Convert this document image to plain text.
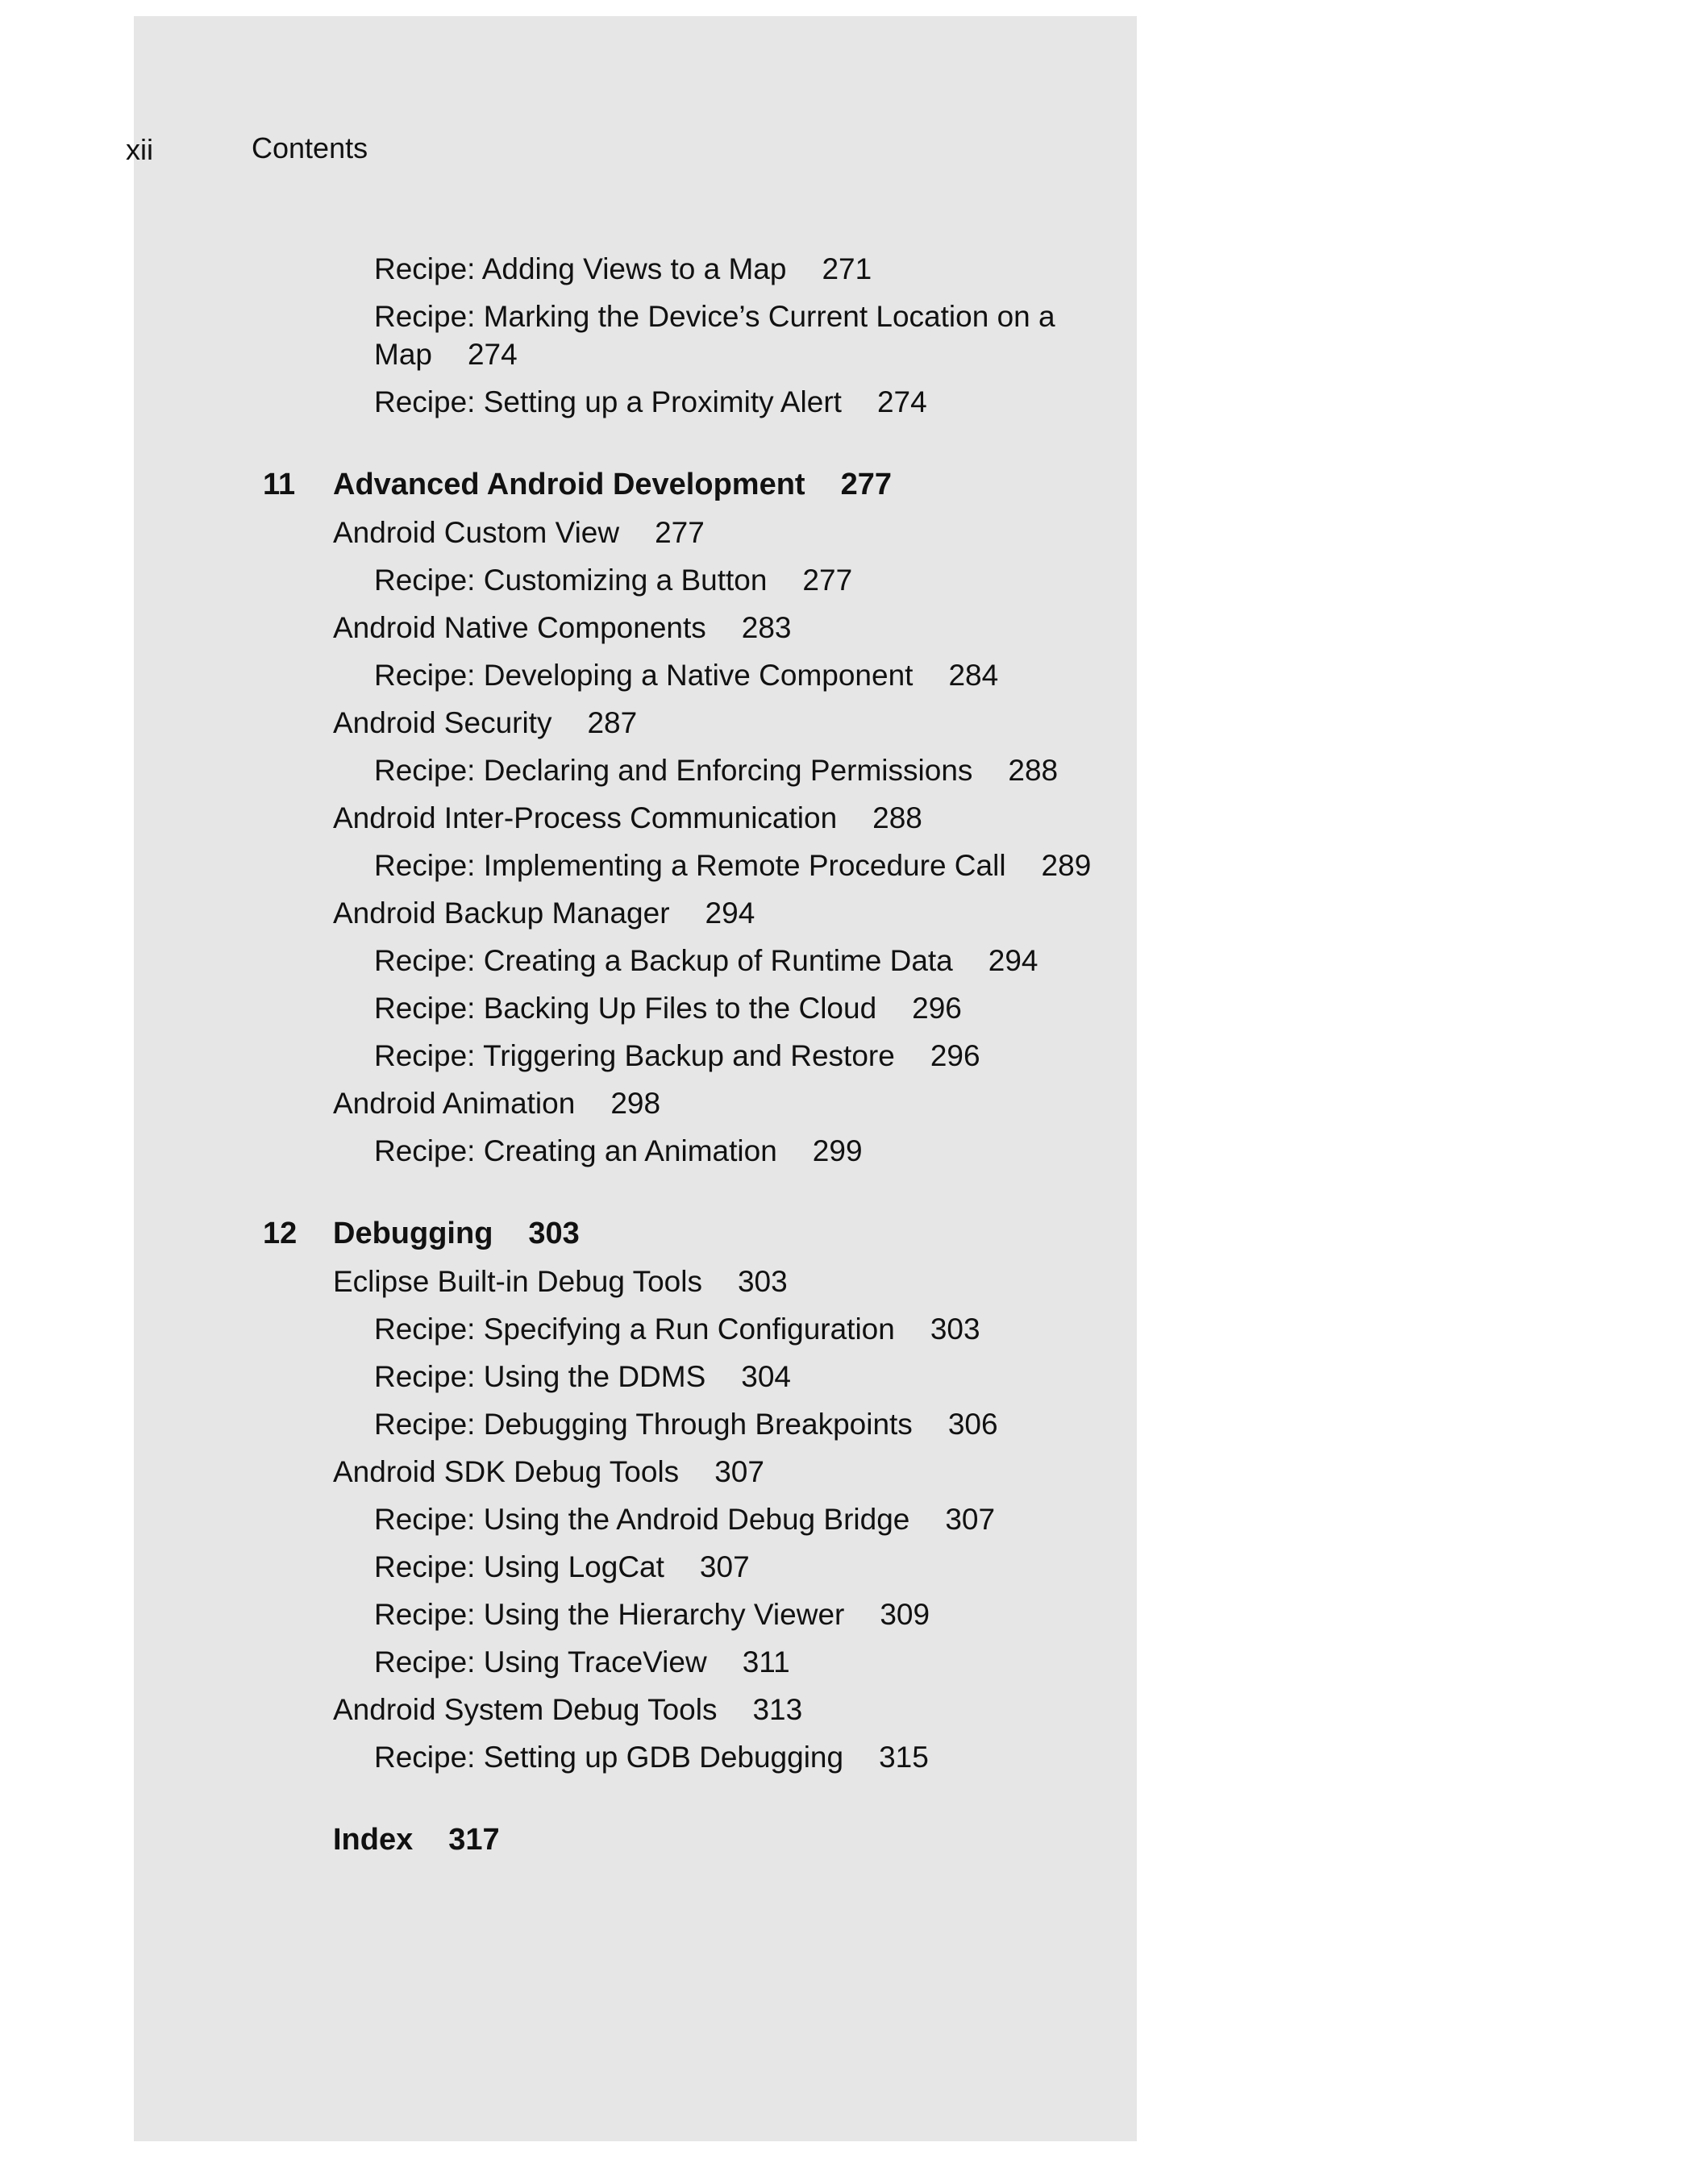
xii	Contents
Recipe: Adding Views to a Map 271
Recipe: Marking the Device’s Current Location on a Map 274
Recipe: Setting up a Proximity Alert 274
11 Advanced Android Development 277
Android Custom View 277
Recipe: Customizing a Button 277
Android Native Components 283
Recipe: Developing a Native Component 284
Android Security 287
Recipe: Declaring and Enforcing Permissions 288
Android Inter-Process Communication 288
Recipe: Implementing a Remote Procedure Call 289
Android Backup Manager 294
Recipe: Creating a Backup of Runtime Data 294
Recipe: Backing Up Files to the Cloud 296
Recipe: Triggering Backup and Restore 296
Android Animation 298
Recipe: Creating an Animation 299
12 Debugging 303
Eclipse Built-in Debug Tools 303
Recipe: Specifying a Run Configuration 303
Recipe: Using the DDMS 304
Recipe: Debugging Through Breakpoints 306
Android SDK Debug Tools 307
Recipe: Using the Android Debug Bridge 307
Recipe: Using LogCat 307
Recipe: Using the Hierarchy Viewer 309
Recipe: Using TraceView 311
Android System Debug Tools 313
Recipe: Setting up GDB Debugging 315
Index 317
